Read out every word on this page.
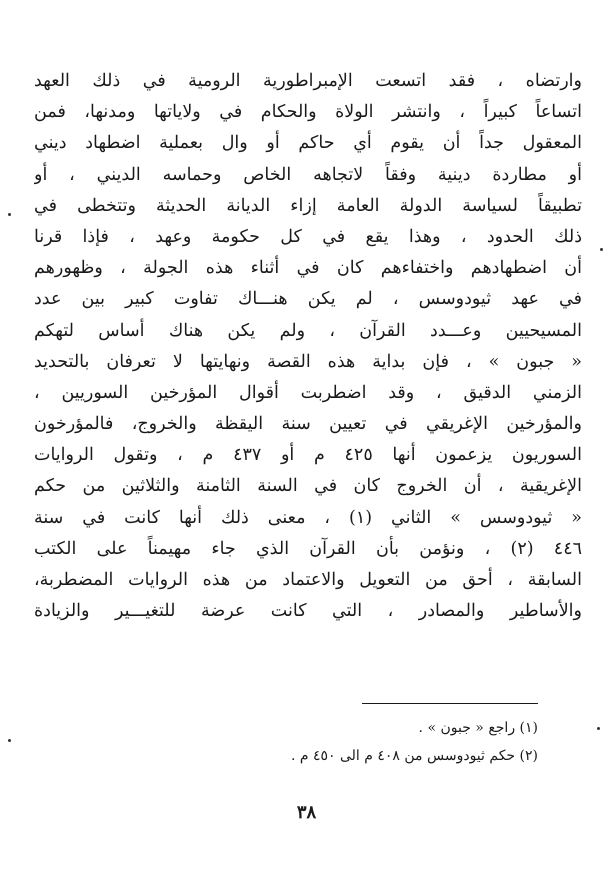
وارتضاه ، فقد اتسعت الإمبراطورية الرومية في ذلك العهد
اتساعاً كبيراً ، وانتشر الولاة والحكام في ولاياتها ومدنها، فمن
المعقول جداً أن يقوم أي حاكم أو وال بعملية اضطهاد ديني
أو مطاردة دينية وفقاً لاتجاهه الخاص وحماسه الديني ، أو
تطبيقاً لسياسة الدولة العامة إزاء الديانة الحديثة وتتخطى في
ذلك الحدود ، وهذا يقع في كل حكومة وعهد ، فإذا قرنا
أن اضطهادهم واختفاءهم كان في أثناء هذه الجولة ، وظهورهم
في عهد ثيودوسس ، لم يكن هنـــاك تفاوت كبير بين عدد
المسيحيين وعـــدد القرآن ، ولم يكن هناك أساس لتهكم
« جبون » ، فإن بداية هذه القصة ونهايتها لا تعرفان بالتحديد
الزمني الدقيق ، وقد اضطربت أقوال المؤرخين السوريين ،
والمؤرخين الإغريقي في تعيين سنة اليقظة والخروج، فالمؤرخون
السوريون يزعمون أنها ٤٢٥ م أو ٤٣٧ م ، وتقول الروايات
الإغريقية ، أن الخروج كان في السنة الثامنة والثلاثين من حكم
« ثيودوسس » الثاني (١) ، معنى ذلك أنها كانت في سنة
٤٤٦ (٢) ، ونؤمن بأن القرآن الذي جاء مهيمناً على الكتب
السابقة ، أحق من التعويل والاعتماد من هذه الروايات المضطربة،
والأساطير والمصادر ، التي كانت عرضة للتغيـــير والزيادة
(١) راجع « جبون » .
(٢) حكم ثيودوسس من ٤٠٨ م الى ٤٥٠ م .
٣٨
